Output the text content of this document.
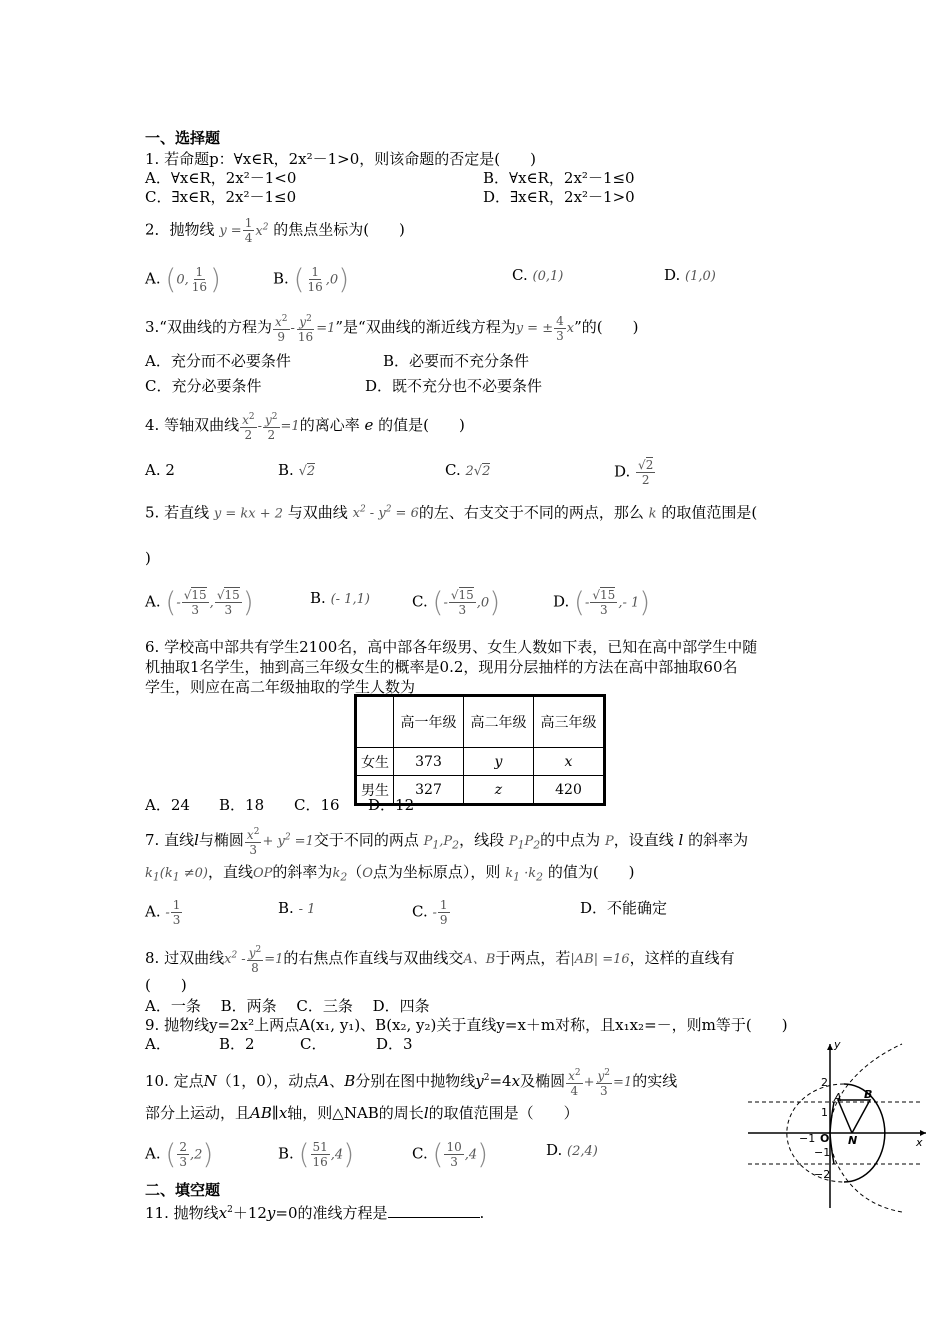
一、选择题
1. 若命题p：∀x∈R，2x²－1>0，则该命题的否定是(　　)
A．∀x∈R，2x²－1<0	B．∀x∈R，2x²－1≤0
C．∃x∈R，2x²－1≤0	D．∃x∈R，2x²－1>0
2．抛物线 $y = \frac{1}{4} x^2$ 的焦点坐标为(　　)
A. (0, $\frac{1}{16}$ )	B. ( $\frac{1}{16} ,0$)	C. (0,1)	D. (1,0)
3.“双曲线的方程为 $\frac{x^2}{9} - \frac{y^2}{16} =1$”是“双曲线的渐近线方程为y = ± $\frac{4}{3} x$”的(　　)
A．充分而不必要条件	B．必要而不充分条件
C．充分必要条件	D．既不充分也不必要条件
4. 等轴双曲线 $\frac{x^2}{2} - \frac{y^2}{2} =1$的离心率 e 的值是(　　)
A. 2	B. √2	C. 2√2	D. $\frac{√2}{2}$
5. 若直线 y = kx + 2 与双曲线 $x^2 - y^2 = 6$的左、右支交于不同的两点，那么 k 的取值范围是(
)
A. (- $\frac{√15}{3}$ , $\frac{√15}{3}$ )	B. (- 1,1)	C. (- $\frac{√15}{3} ,0$)	D. (- $\frac{√15}{3}$ ,- 1)
6. 学校高中部共有学生2100名，高中部各年级男、女生人数如下表，已知在高中部学生中随
机抽取1名学生，抽到高三年级女生的概率是0.2，现用分层抽样的方法在高中部抽取60名
学生，则应在高二年级抽取的学生人数为
	高一年级	高二年级	高三年级
女生	373	y	x
男生	327	z	420
A．24 B．18 C．16 D．12
7. 直线l与椭圆 $\frac{x^2}{3} + y^2 =1$交于不同的两点 $P_1,P_2$，线段 $P_1P_2$的中点为 P，设直线 l 的斜率为
$k_1(k_1 \ne 0)$，直线OP的斜率为$k_2(O$点为坐标原点），则 $k_1 \cdot k_2$ 的值为(　　)
A. - $\frac{1}{3}$	B. - 1	C. - $\frac{1}{9}$	D．不能确定
8. 过双曲线$x^2 - \frac{y^2}{8} =1$的右焦点作直线与双曲线交A、B于两点，若|AB| =16，这样的直线有
(　　)
A．一条　 B．两条　 C．三条　 D．四条
9. 抛物线y=2x²上两点A(x₁, y₁)、B(x₂, y₂)关于直线y=x＋m对称，且x₁x₂=－，则m等于(　　)
A．	B．2	C．	D．3
10. 定点N（1，0），动点A、B分别在图中抛物线$y^2=4x$及椭圆 $\frac{x^2}{4} + \frac{y^2}{3} =1$的实线
部分上运动，且AB∥x轴，则△NAB的周长l的取值范围是（　　）
A. ( $\frac{2}{3} ,2$)	B. ( $\frac{51}{16} ,4$)	C. ( $\frac{10}{3} ,4$)	D. (2,4)
y
x
2
1
−1
−2
−1 O
A B
N
二、填空题
11. 抛物线$x^2+12y=0$的准线方程是	.
